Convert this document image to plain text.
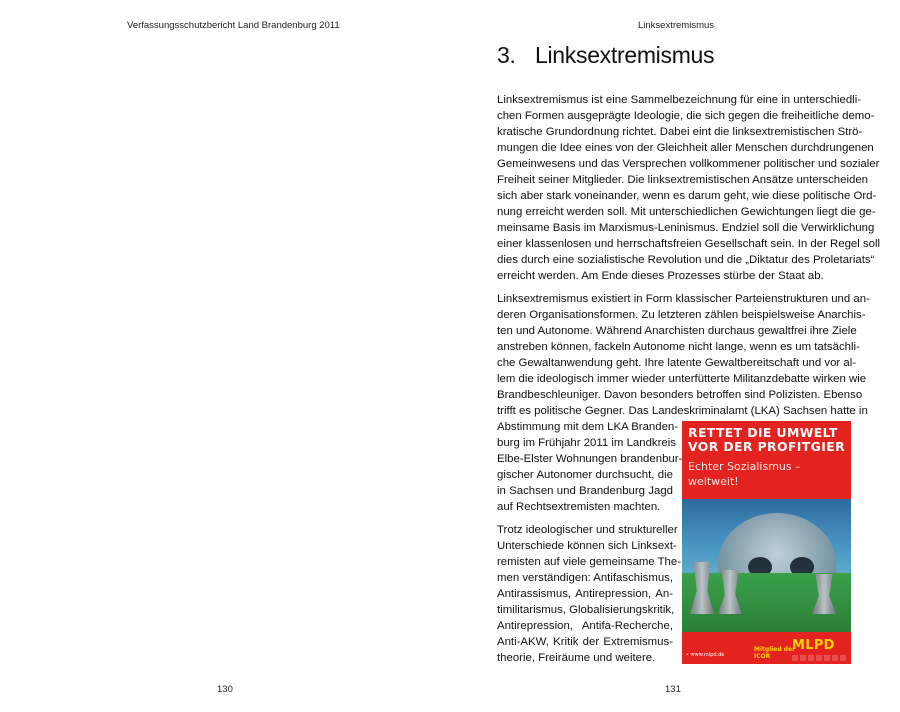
Verfassungsschutzbericht Land Brandenburg 2011
130
Linksextremismus
3. Linksextremismus

Linksextremismus ist eine Sammelbezeichnung für eine in unterschiedli-
chen Formen ausgeprägte Ideologie, die sich gegen die freiheitliche demo-
kratische Grundordnung richtet. Dabei eint die linksextremistischen Strö-
mungen die Idee eines von der Gleichheit aller Menschen durchdrungenen
Gemeinwesens und das Versprechen vollkommener politischer und sozialer
Freiheit seiner Mitglieder. Die linksextremistischen Ansätze unterscheiden
sich aber stark voneinander, wenn es darum geht, wie diese politische Ord-
nung erreicht werden soll. Mit unterschiedlichen Gewichtungen liegt die ge-
meinsame Basis im Marxismus-Leninismus. Endziel soll die Verwirklichung
einer klassenlosen und herrschaftsfreien Gesellschaft sein. In der Regel soll
dies durch eine sozialistische Revolution und die „Diktatur des Proletariats“
erreicht werden. Am Ende dieses Prozesses stürbe der Staat ab.

Linksextremismus existiert in Form klassischer Parteienstrukturen und an-
deren Organisationsformen. Zu letzteren zählen beispielsweise Anarchis-
ten und Autonome. Während Anarchisten durchaus gewaltfrei ihre Ziele
anstreben können, fackeln Autonome nicht lange, wenn es um tatsächli-
che Gewaltanwendung geht. Ihre latente Gewaltbereitschaft und vor al-
lem die ideologisch immer wieder unterfütterte Militanzdebatte wirken wie
Brandbeschleuniger. Davon besonders betroffen sind Polizisten. Ebenso
trifft es politische Gegner. Das Landeskriminalamt (LKA) Sachsen hatte in

Abstimmung mit dem LKA Branden-
burg im Frühjahr 2011 im Landkreis
Elbe-Elster Wohnungen brandenbur-
gischer Autonomer durchsucht, die
in Sachsen und Brandenburg Jagd
auf Rechtsextremisten machten.

Trotz ideologischer und struktureller
Unterschiede können sich Linksext-
remisten auf viele gemeinsame The-
men verständigen: Antifaschismus,
Antirassismus, Antirepression, An-
timilitarismus, Globalisierungskritik,
Antirepression, Antifa-Recherche,
Anti-AKW, Kritik der Extremismus-
theorie, Freiräume und weitere.

RETTET DIE UMWELT
VOR DER PROFITGIER
Echter Sozialismus –
weltweit!
• www.mlpd.de
Mitglied der
ICOR
MLPD
131
